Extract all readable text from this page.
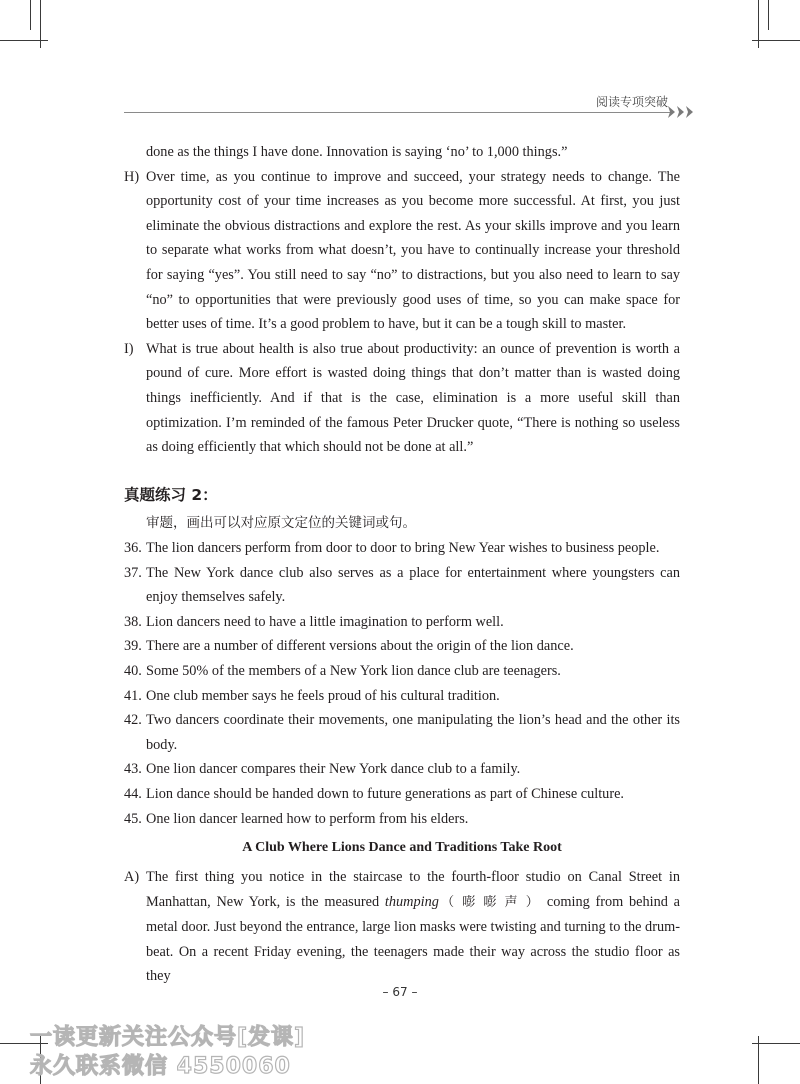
阅读专项突破

done as the things I have done. Innovation is saying ‘no’ to 1,000 things.”

H) Over time, as you continue to improve and succeed, your strategy needs to change. The opportunity cost of your time increases as you become more successful. At first, you just eliminate the obvious distractions and explore the rest. As your skills improve and you learn to separate what works from what doesn’t, you have to continually increase your threshold for saying “yes”. You still need to say “no” to distractions, but you also need to learn to say “no” to opportunities that were previously good uses of time, so you can make space for better uses of time. It’s a good problem to have, but it can be a tough skill to master.
I) What is true about health is also true about productivity: an ounce of prevention is worth a pound of cure. More effort is wasted doing things that don’t matter than is wasted doing things inefficiently. And if that is the case, elimination is a more useful skill than optimization. I’m reminded of the famous Peter Drucker quote, “There is nothing so useless as doing efficiently that which should not be done at all.”
真题练习 2：
审题，画出可以对应原文定位的关键词或句。
36. The lion dancers perform from door to door to bring New Year wishes to business people.
37. The New York dance club also serves as a place for entertainment where youngsters can enjoy themselves safely.
38. Lion dancers need to have a little imagination to perform well.
39. There are a number of different versions about the origin of the lion dance.
40. Some 50% of the members of a New York lion dance club are teenagers.
41. One club member says he feels proud of his cultural tradition.
42. Two dancers coordinate their movements, one manipulating the lion’s head and the other its body.
43. One lion dancer compares their New York dance club to a family.
44. Lion dance should be handed down to future generations as part of Chinese culture.
45. One lion dancer learned how to perform from his elders.
A Club Where Lions Dance and Traditions Take Root
A) The first thing you notice in the staircase to the fourth-floor studio on Canal Street in Manhattan, New York, is the measured thumping（嘭嘭声）coming from behind a metal door. Just beyond the entrance, large lion masks were twisting and turning to the drum-beat. On a recent Friday evening, the teenagers made their way across the studio floor as they
– 67 –
一读更新关注公众号[发课]
永久联系微信 4550060
